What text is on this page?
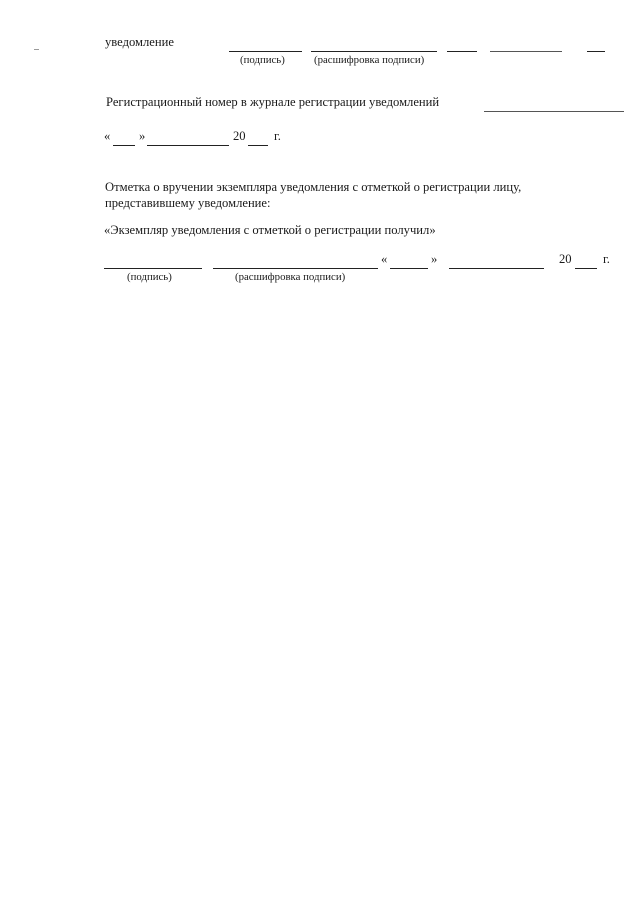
уведомление
(подпись)	(расшифровка подписи)
Регистрационный номер в журнале регистрации уведомлений
« »	20 г.
Отметка о вручении экземпляра уведомления с отметкой о регистрации лицу,
представившему уведомление:
«Экземпляр уведомления с отметкой о регистрации получил»
«	»	20 г.
(подпись)	(расшифровка подписи)
